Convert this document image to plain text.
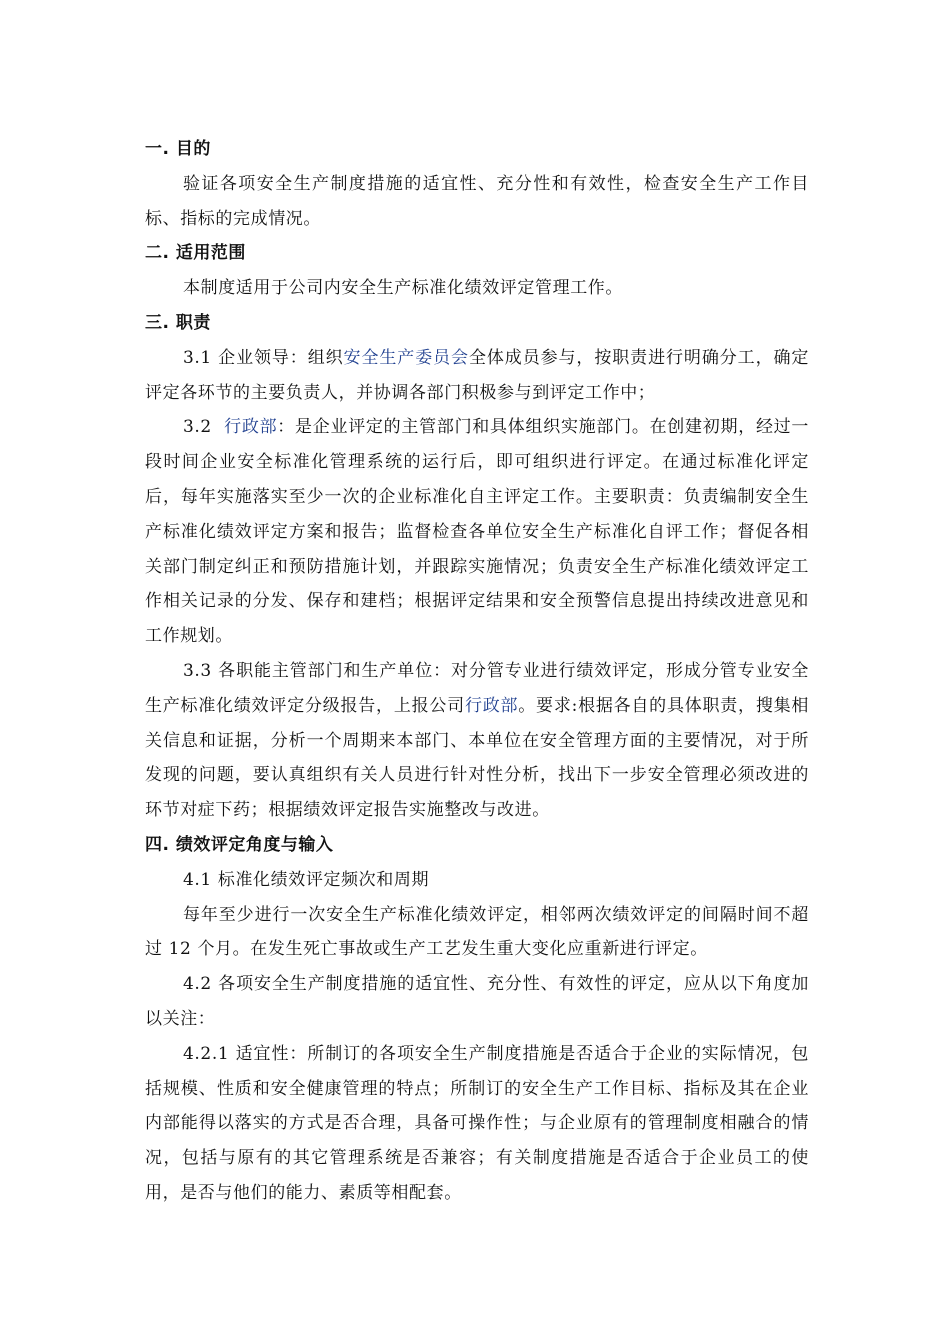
一. 目的

验证各项安全生产制度措施的适宜性、充分性和有效性，检查安全生产工作目标、指标的完成情况。

二. 适用范围

本制度适用于公司内安全生产标准化绩效评定管理工作。

三. 职责

3.1 企业领导：组织安全生产委员会全体成员参与，按职责进行明确分工，确定评定各环节的主要负责人，并协调各部门积极参与到评定工作中；

3.2  行政部：是企业评定的主管部门和具体组织实施部门。在创建初期，经过一段时间企业安全标准化管理系统的运行后，即可组织进行评定。在通过标准化评定后，每年实施落实至少一次的企业标准化自主评定工作。主要职责：负责编制安全生产标准化绩效评定方案和报告；监督检查各单位安全生产标准化自评工作；督促各相关部门制定纠正和预防措施计划，并跟踪实施情况；负责安全生产标准化绩效评定工作相关记录的分发、保存和建档；根据评定结果和安全预警信息提出持续改进意见和工作规划。

3.3 各职能主管部门和生产单位：对分管专业进行绩效评定，形成分管专业安全生产标准化绩效评定分级报告，上报公司行政部。要求:根据各自的具体职责，搜集相关信息和证据，分析一个周期来本部门、本单位在安全管理方面的主要情况，对于所发现的问题，要认真组织有关人员进行针对性分析，找出下一步安全管理必须改进的环节对症下药；根据绩效评定报告实施整改与改进。

四. 绩效评定角度与输入

4.1 标准化绩效评定频次和周期

每年至少进行一次安全生产标准化绩效评定，相邻两次绩效评定的间隔时间不超过 12 个月。在发生死亡事故或生产工艺发生重大变化应重新进行评定。

4.2 各项安全生产制度措施的适宜性、充分性、有效性的评定，应从以下角度加以关注：

4.2.1 适宜性：所制订的各项安全生产制度措施是否适合于企业的实际情况，包括规模、性质和安全健康管理的特点；所制订的安全生产工作目标、指标及其在企业内部能得以落实的方式是否合理，具备可操作性；与企业原有的管理制度相融合的情况，包括与原有的其它管理系统是否兼容；有关制度措施是否适合于企业员工的使用，是否与他们的能力、素质等相配套。
